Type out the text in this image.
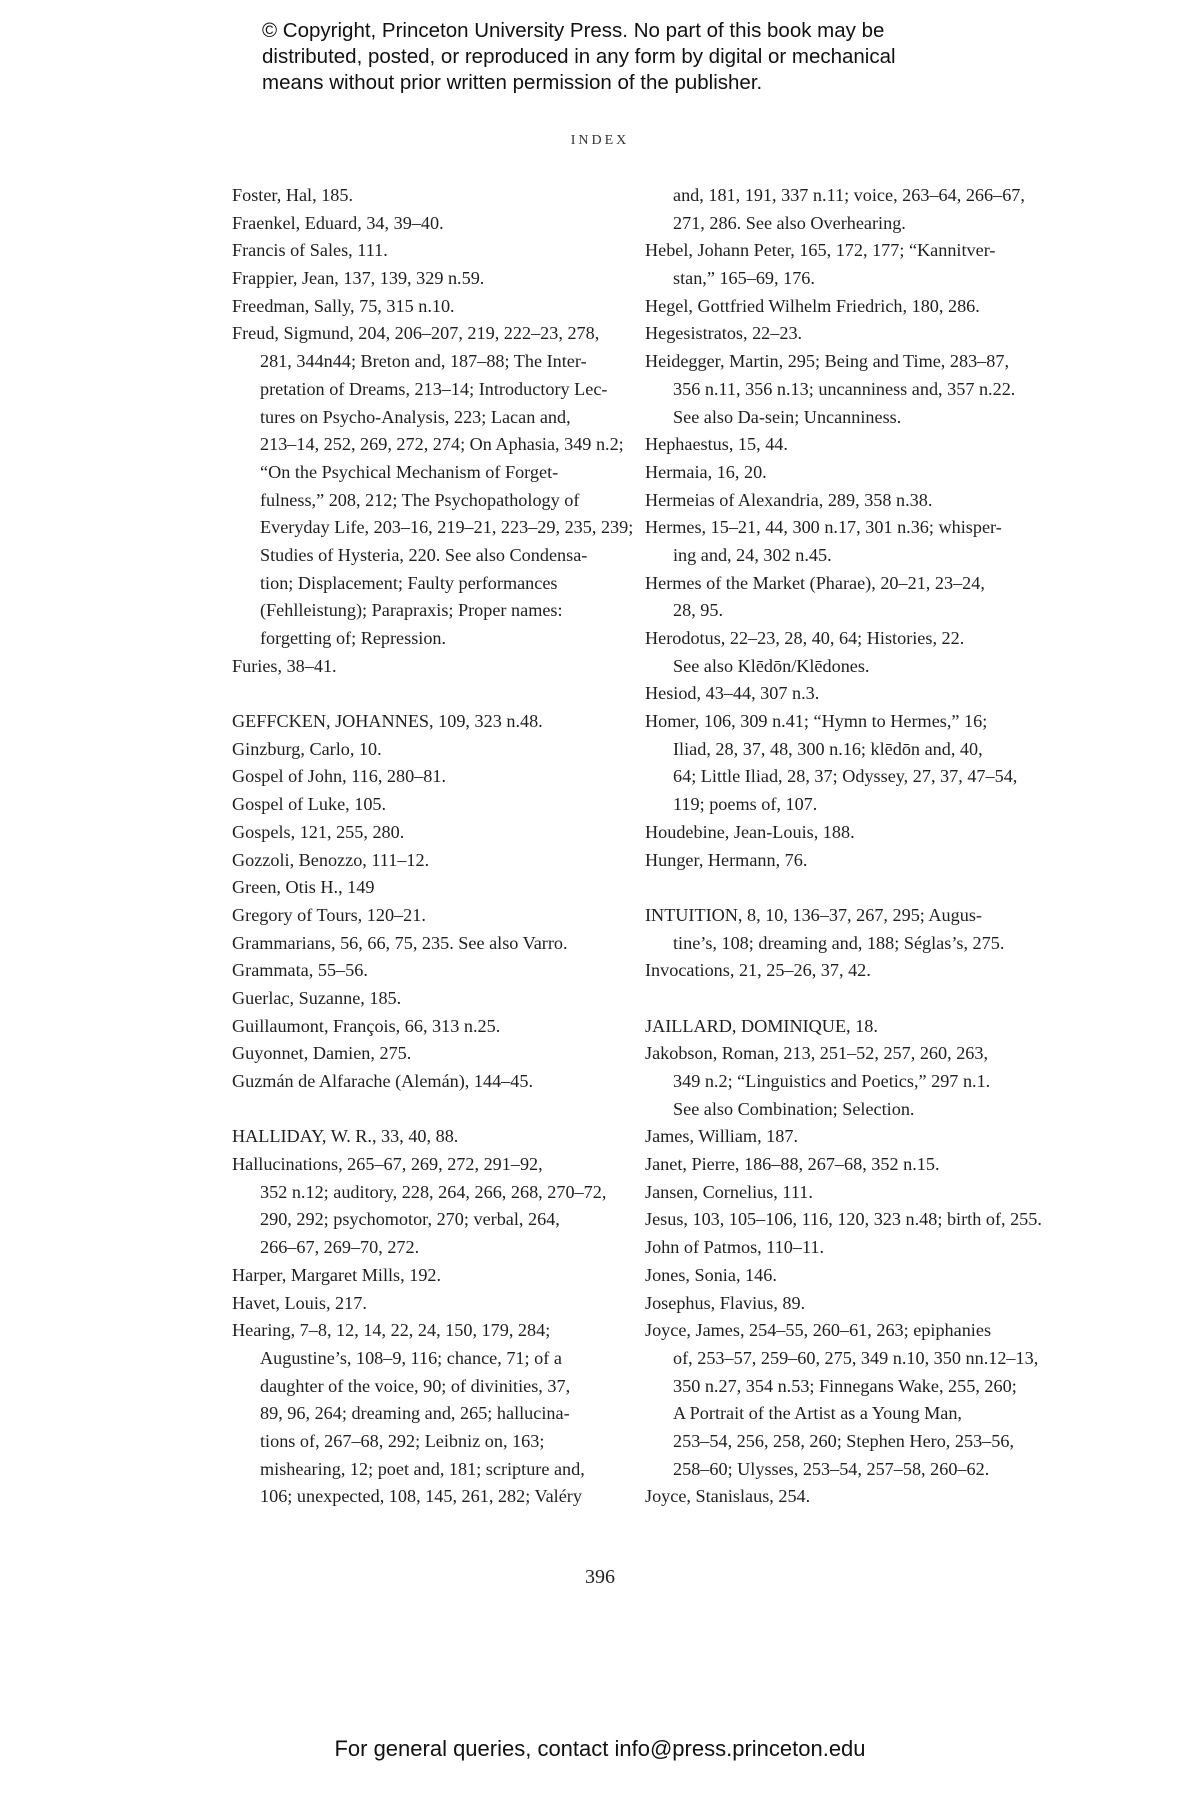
© Copyright, Princeton University Press. No part of this book may be
distributed, posted, or reproduced in any form by digital or mechanical
means without prior written permission of the publisher.
INDEX
Foster, Hal, 185.
Fraenkel, Eduard, 34, 39–40.
Francis of Sales, 111.
Frappier, Jean, 137, 139, 329 n.59.
Freedman, Sally, 75, 315 n.10.
Freud, Sigmund, 204, 206–207, 219, 222–23, 278,
281, 344n44; Breton and, 187–88; The Inter-
pretation of Dreams, 213–14; Introductory Lec-
tures on Psycho-Analysis, 223; Lacan and,
213–14, 252, 269, 272, 274; On Aphasia, 349 n.2;
“On the Psychical Mechanism of Forget-
fulness,” 208, 212; The Psychopathology of
Everyday Life, 203–16, 219–21, 223–29, 235, 239;
Studies of Hysteria, 220. See also Condensa-
tion; Displacement; Faulty performances
(Fehlleistung); Parapraxis; Proper names:
forgetting of; Repression.
Furies, 38–41.
GEFFCKEN, JOHANNES, 109, 323 n.48.
Ginzburg, Carlo, 10.
Gospel of John, 116, 280–81.
Gospel of Luke, 105.
Gospels, 121, 255, 280.
Gozzoli, Benozzo, 111–12.
Green, Otis H., 149
Gregory of Tours, 120–21.
Grammarians, 56, 66, 75, 235. See also Varro.
Grammata, 55–56.
Guerlac, Suzanne, 185.
Guillaumont, François, 66, 313 n.25.
Guyonnet, Damien, 275.
Guzmán de Alfarache (Alemán), 144–45.
HALLIDAY, W. R., 33, 40, 88.
Hallucinations, 265–67, 269, 272, 291–92,
352 n.12; auditory, 228, 264, 266, 268, 270–72,
290, 292; psychomotor, 270; verbal, 264,
266–67, 269–70, 272.
Harper, Margaret Mills, 192.
Havet, Louis, 217.
Hearing, 7–8, 12, 14, 22, 24, 150, 179, 284;
Augustine’s, 108–9, 116; chance, 71; of a
daughter of the voice, 90; of divinities, 37,
89, 96, 264; dreaming and, 265; hallucina-
tions of, 267–68, 292; Leibniz on, 163;
mishearing, 12; poet and, 181; scripture and,
106; unexpected, 108, 145, 261, 282; Valéry
and, 181, 191, 337 n.11; voice, 263–64, 266–67,
271, 286. See also Overhearing.
Hebel, Johann Peter, 165, 172, 177; “Kannitver-
stan,” 165–69, 176.
Hegel, Gottfried Wilhelm Friedrich, 180, 286.
Hegesistratos, 22–23.
Heidegger, Martin, 295; Being and Time, 283–87,
356 n.11, 356 n.13; uncanniness and, 357 n.22.
See also Da-sein; Uncanniness.
Hephaestus, 15, 44.
Hermaia, 16, 20.
Hermeias of Alexandria, 289, 358 n.38.
Hermes, 15–21, 44, 300 n.17, 301 n.36; whisper-
ing and, 24, 302 n.45.
Hermes of the Market (Pharae), 20–21, 23–24,
28, 95.
Herodotus, 22–23, 28, 40, 64; Histories, 22.
See also Klēdōn/Klēdones.
Hesiod, 43–44, 307 n.3.
Homer, 106, 309 n.41; “Hymn to Hermes,” 16;
Iliad, 28, 37, 48, 300 n.16; klēdōn and, 40,
64; Little Iliad, 28, 37; Odyssey, 27, 37, 47–54,
119; poems of, 107.
Houdebine, Jean-Louis, 188.
Hunger, Hermann, 76.
INTUITION, 8, 10, 136–37, 267, 295; Augus-
tine’s, 108; dreaming and, 188; Séglas’s, 275.
Invocations, 21, 25–26, 37, 42.
JAILLARD, DOMINIQUE, 18.
Jakobson, Roman, 213, 251–52, 257, 260, 263,
349 n.2; “Linguistics and Poetics,” 297 n.1.
See also Combination; Selection.
James, William, 187.
Janet, Pierre, 186–88, 267–68, 352 n.15.
Jansen, Cornelius, 111.
Jesus, 103, 105–106, 116, 120, 323 n.48; birth of, 255.
John of Patmos, 110–11.
Jones, Sonia, 146.
Josephus, Flavius, 89.
Joyce, James, 254–55, 260–61, 263; epiphanies
of, 253–57, 259–60, 275, 349 n.10, 350 nn.12–13,
350 n.27, 354 n.53; Finnegans Wake, 255, 260;
A Portrait of the Artist as a Young Man,
253–54, 256, 258, 260; Stephen Hero, 253–56,
258–60; Ulysses, 253–54, 257–58, 260–62.
Joyce, Stanislaus, 254.
396
For general queries, contact info@press.princeton.edu
